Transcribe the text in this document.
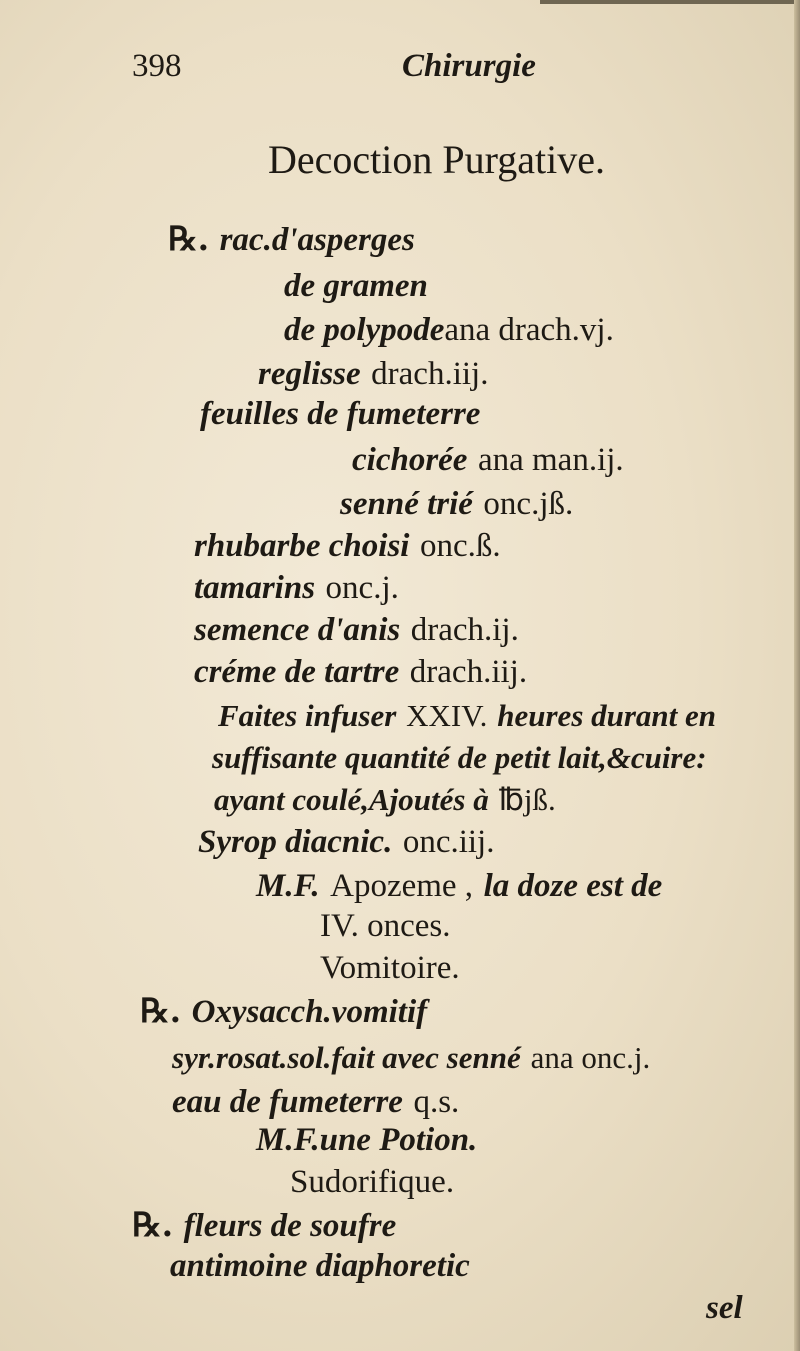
398	Chirurgie
Decoction Purgative.
℞. rac.d'asperges
de gramen
de polypodeana drach.vj.
reglisse drach.iij.
feuilles de fumeterre
cichorée ana man.ij.
senné trié onc.jß.
rhubarbe choisi onc.ß.
tamarins onc.j.
semence d'anis drach.ij.
créme de tartre drach.iij.
Faites infuser XXIV. heures durant en
suffisante quantité de petit lait,&cuire:
ayant coulé,Ajoutés à ℔jß.
Syrop diacnic. onc.iij.
M.F. Apozeme , la doze est de
IV. onces.
Vomitoire.
℞. Oxysacch.vomitif
syr.rosat.sol.fait avec senné ana onc.j.
eau de fumeterre q.s.
M.F.une Potion.
Sudorifique.
℞. fleurs de soufre
antimoine diaphoretic
sel
